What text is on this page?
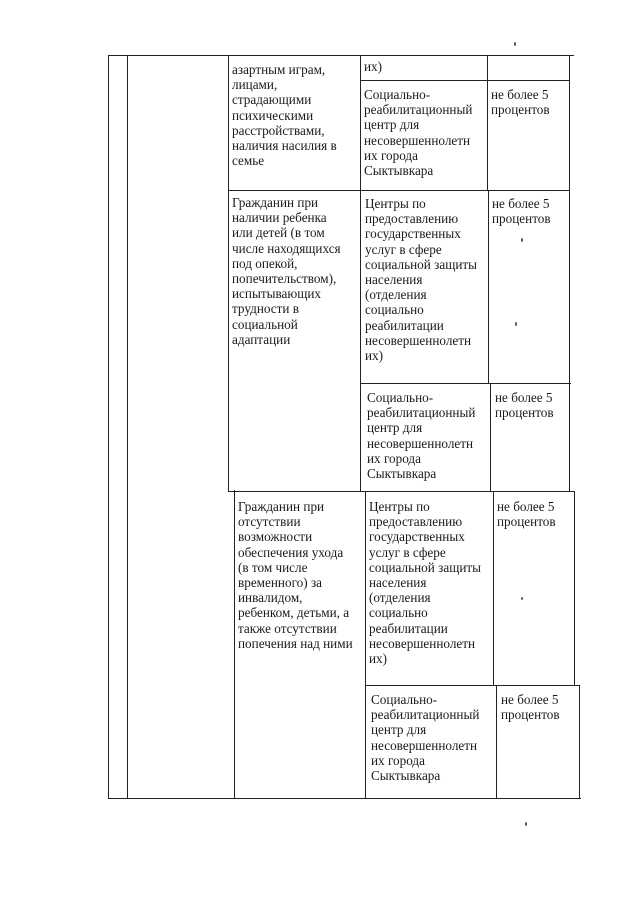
азартным играм,
лицами,
страдающими
психическими
расстройствами,
наличия насилия в
семье
Гражданин при
наличии ребенка
или детей (в том
числе находящихся
под опекой,
попечительством),
испытывающих
трудности в
социальной
адаптации
Гражданин при
отсутствии
возможности
обеспечения ухода
(в том числе
временного) за
инвалидом,
ребенком, детьми, а
также отсутствии
попечения над ними
их)
Социально-
реабилитационный
центр для
несовершеннолетн
их города
Сыктывкара
Центры по
предоставлению
государственных
услуг в сфере
социальной защиты
населения
(отделения
социально
реабилитации
несовершеннолетн
их)
Социально-
реабилитационный
центр для
несовершеннолетн
их города
Сыктывкара
Центры по
предоставлению
государственных
услуг в сфере
социальной защиты
населения
(отделения
социально
реабилитации
несовершеннолетн
их)
Социально-
реабилитационный
центр для
несовершеннолетн
их города
Сыктывкара
не более 5
процентов
не более 5
процентов
не более 5
процентов
не более 5
процентов
не более 5
процентов
